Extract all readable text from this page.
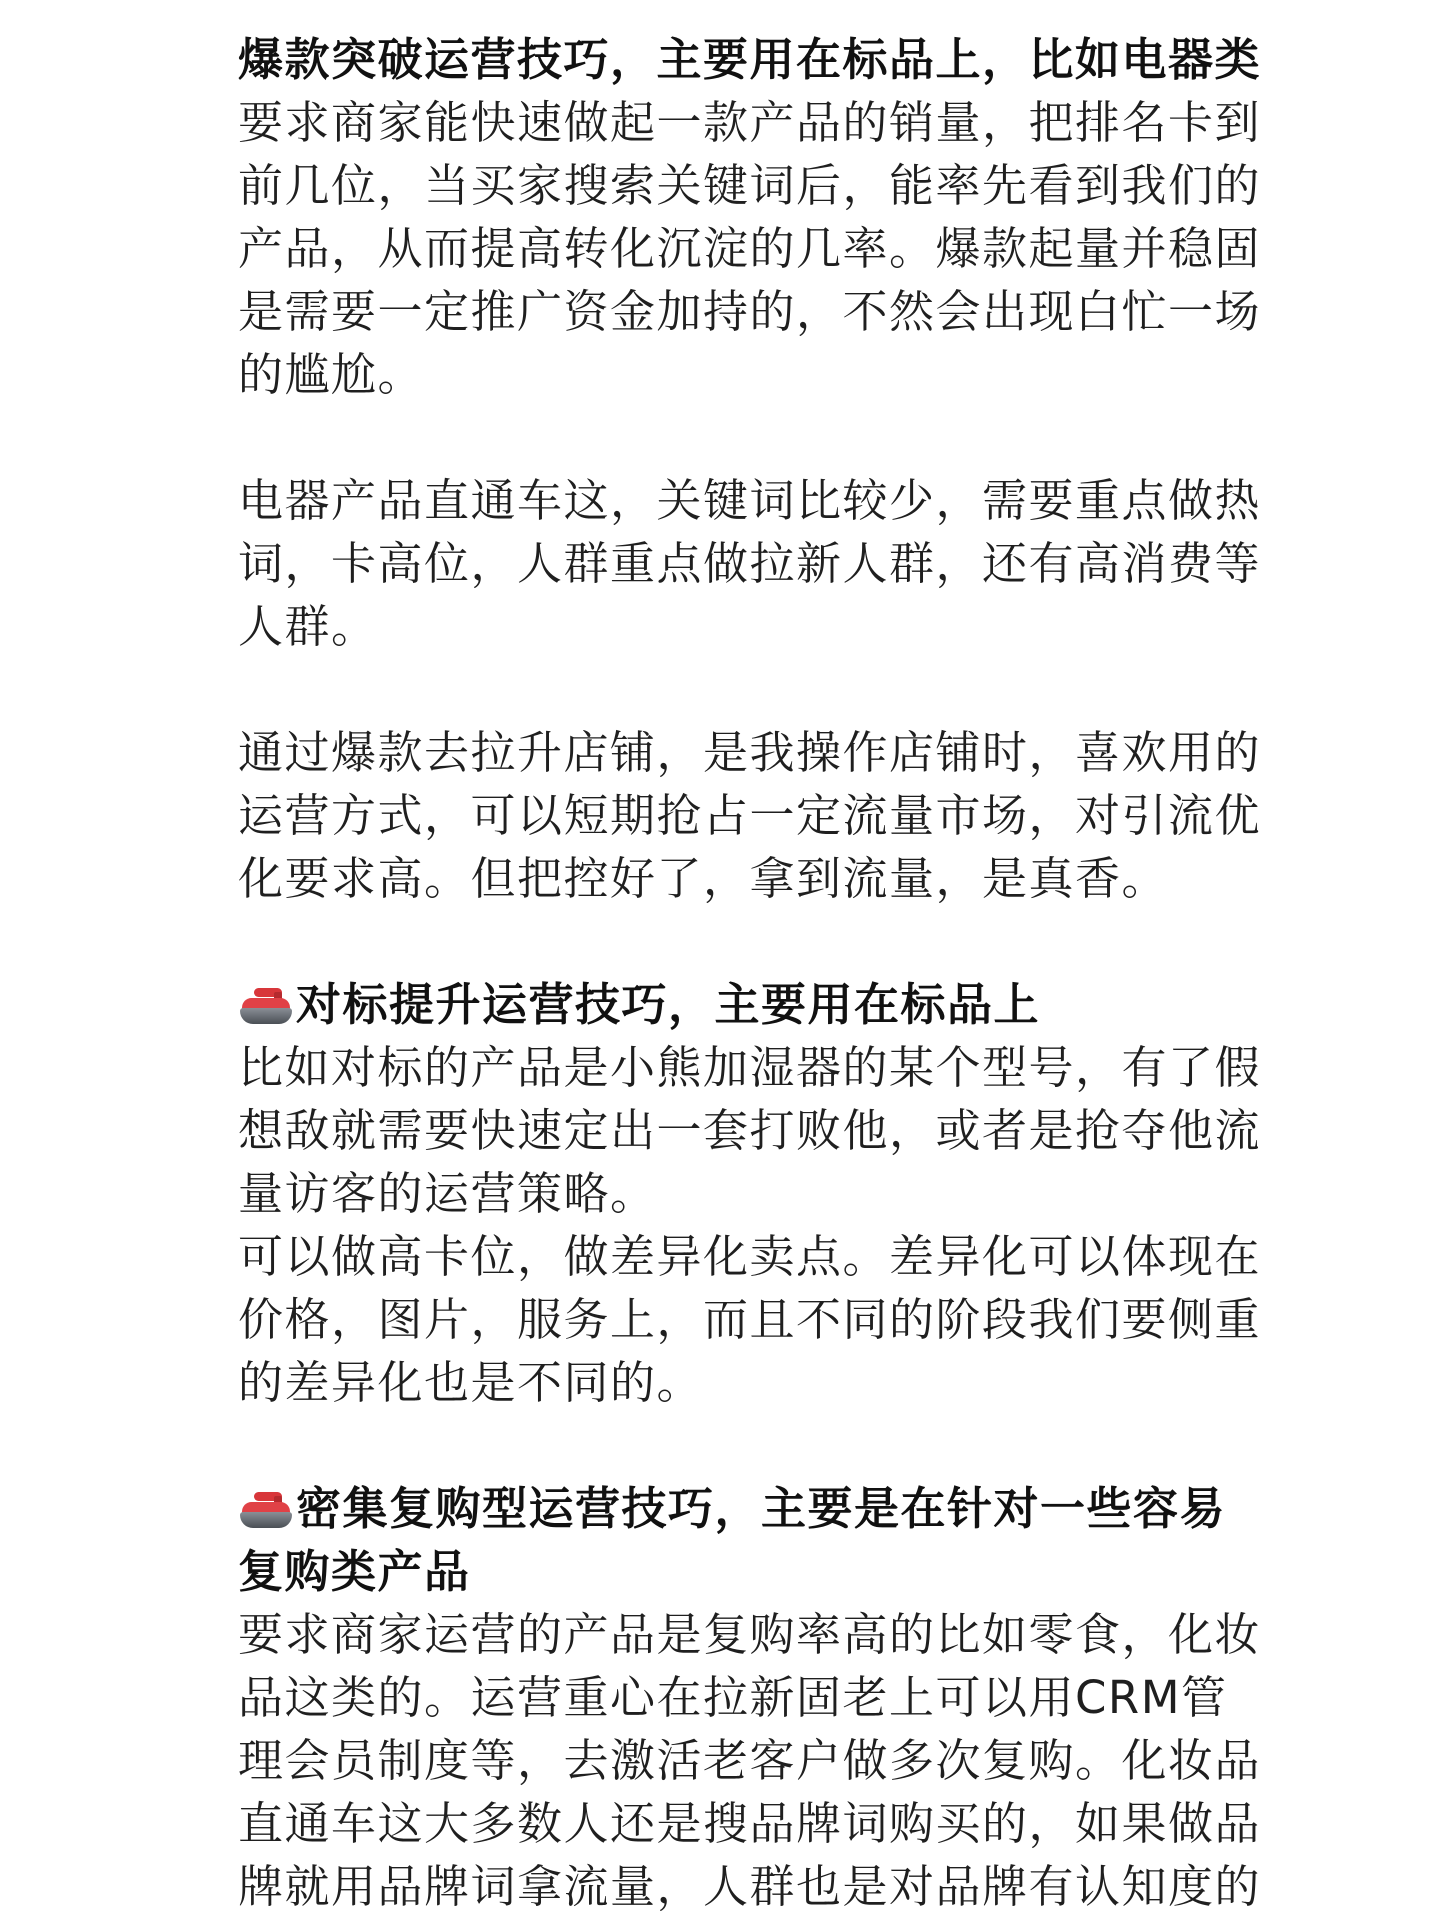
爆款突破运营技巧，主要用在标品上，比如电器类
要求商家能快速做起一款产品的销量，把排名卡到
前几位，当买家搜索关键词后，能率先看到我们的
产品，从而提高转化沉淀的几率。爆款起量并稳固
是需要一定推广资金加持的，不然会出现白忙一场
的尴尬。
电器产品直通车这，关键词比较少，需要重点做热
词，卡高位，人群重点做拉新人群，还有高消费等
人群。
通过爆款去拉升店铺，是我操作店铺时，喜欢用的
运营方式，可以短期抢占一定流量市场，对引流优
化要求高。但把控好了，拿到流量，是真香。
对标提升运营技巧，主要用在标品上
比如对标的产品是小熊加湿器的某个型号，有了假
想敌就需要快速定出一套打败他，或者是抢夺他流
量访客的运营策略。
可以做高卡位，做差异化卖点。差异化可以体现在
价格，图片，服务上，而且不同的阶段我们要侧重
的差异化也是不同的。
密集复购型运营技巧，主要是在针对一些容易
复购类产品
要求商家运营的产品是复购率高的比如零食，化妆
品这类的。运营重心在拉新固老上可以用CRM管
理会员制度等，去激活老客户做多次复购。化妆品
直通车这大多数人还是搜品牌词购买的，如果做品
牌就用品牌词拿流量，人群也是对品牌有认知度的
